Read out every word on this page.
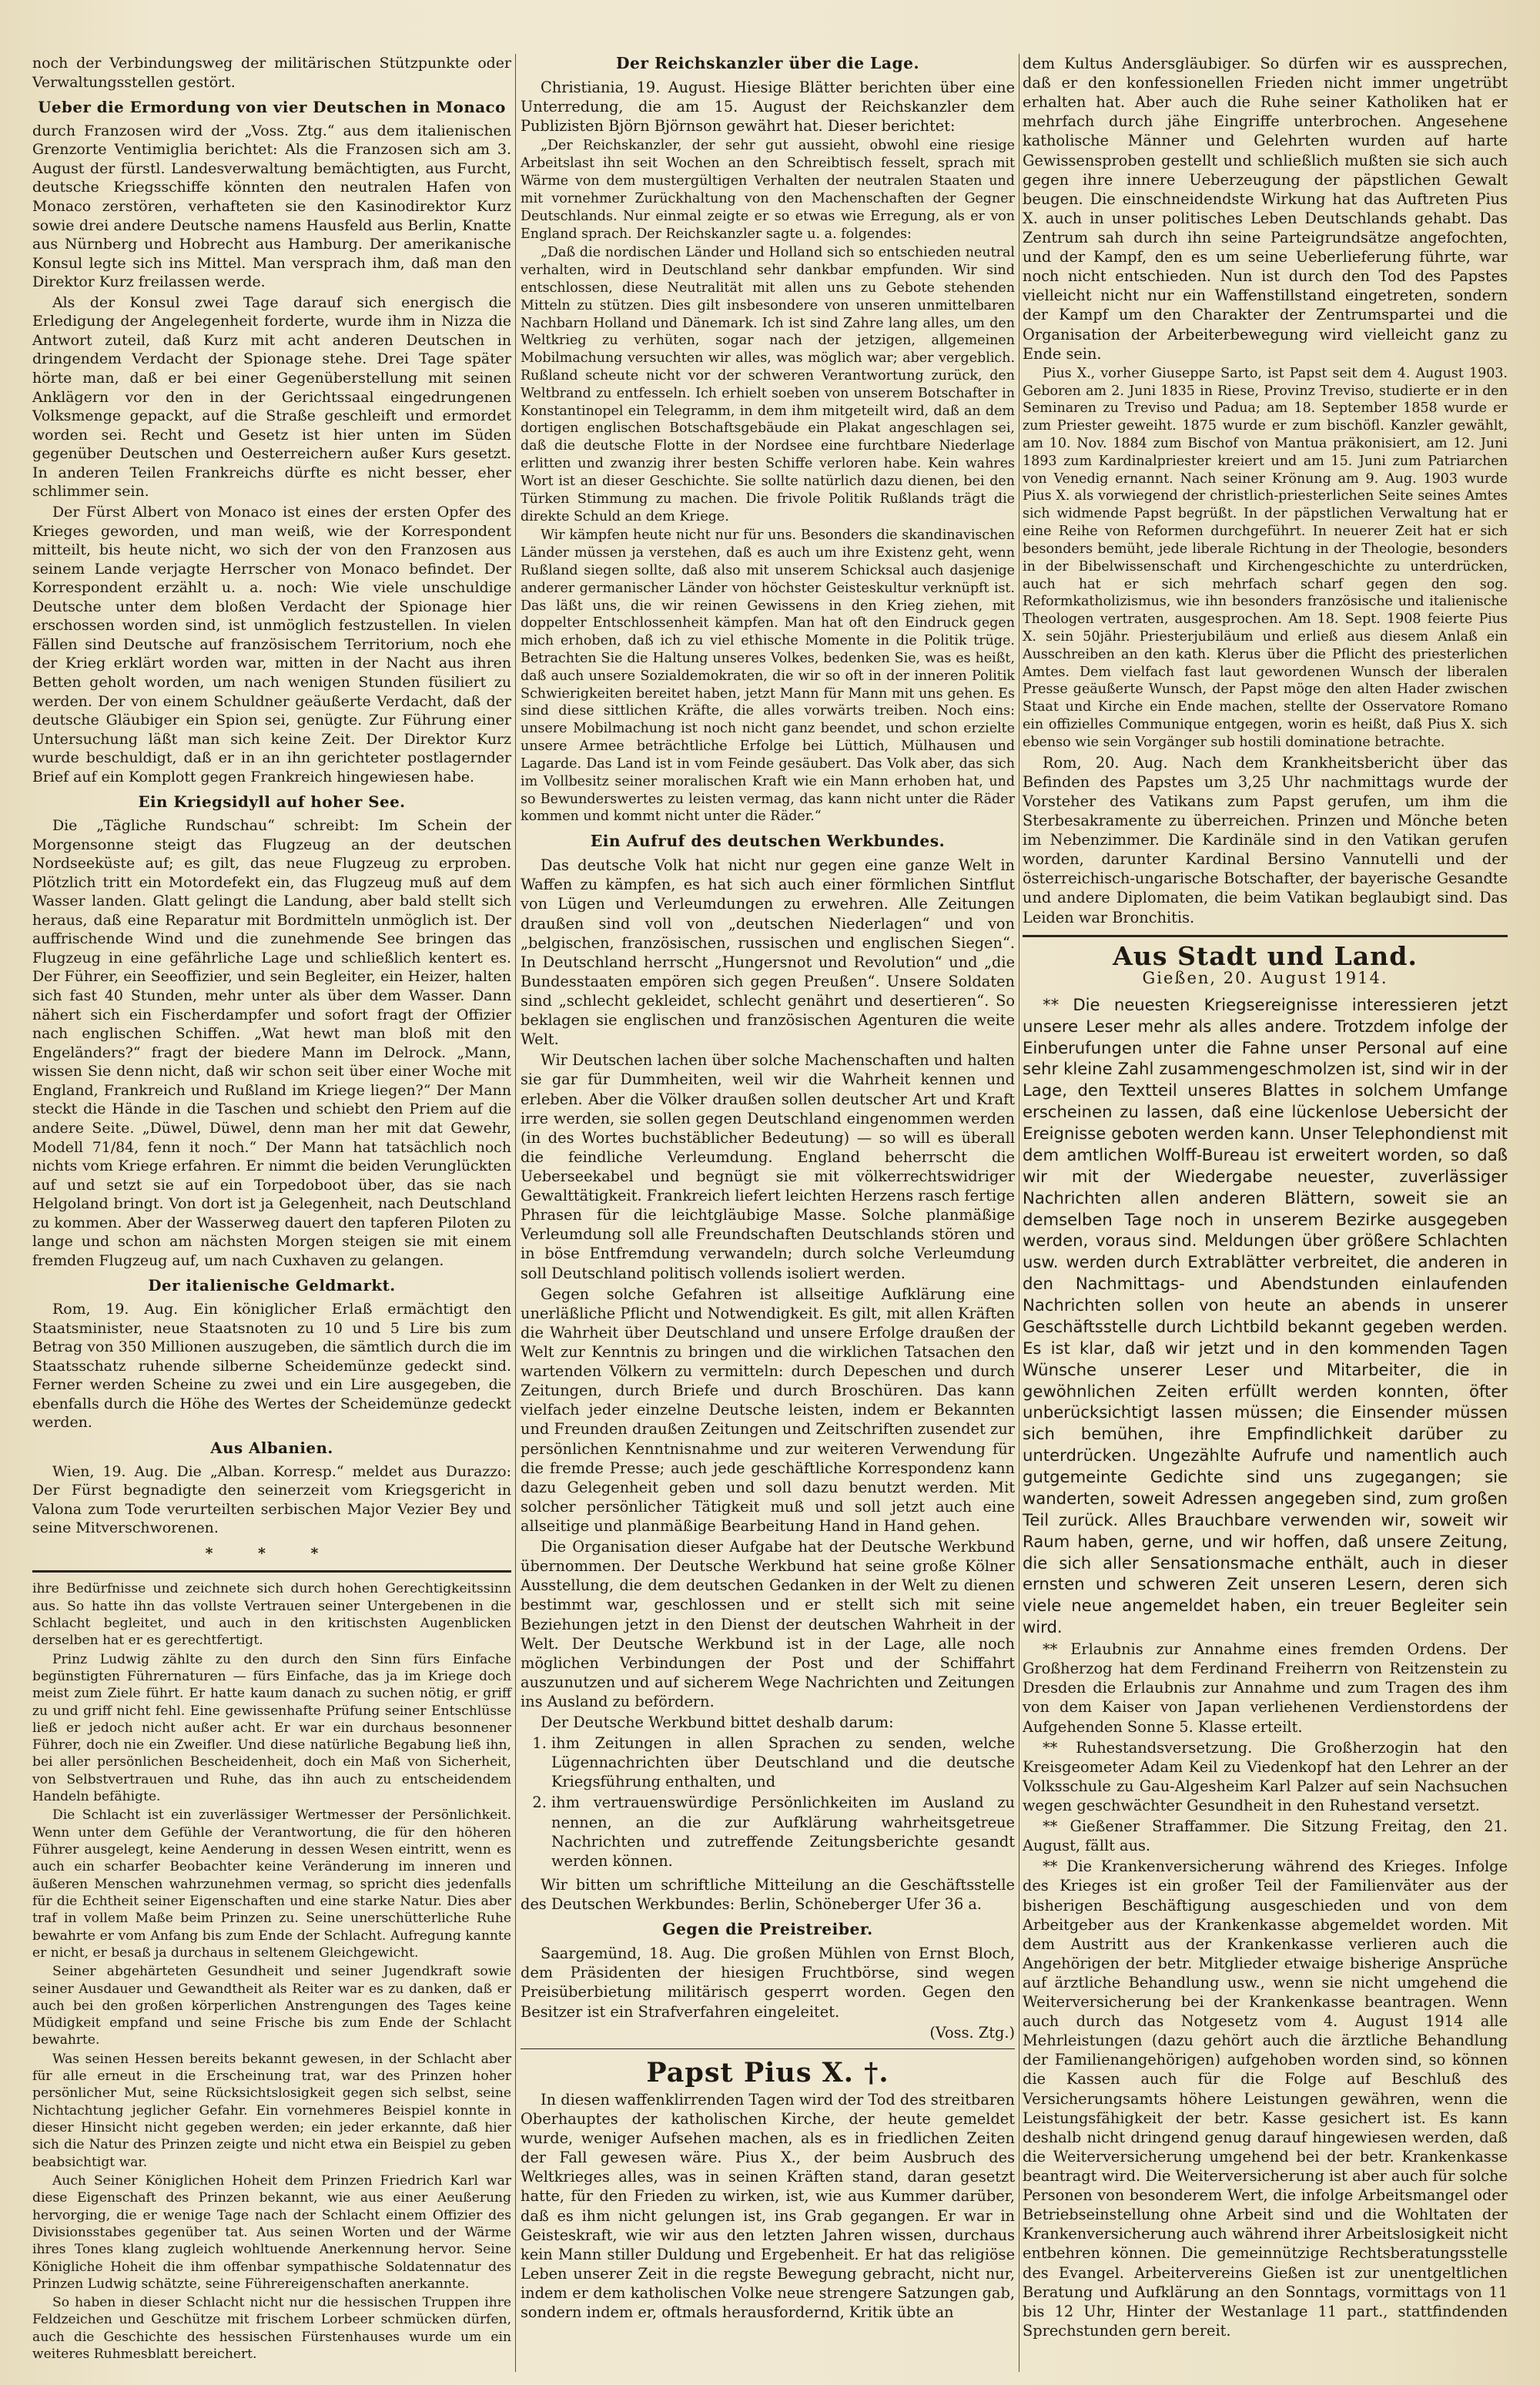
noch der Verbindungsweg der militärischen Stützpunkte oder Verwaltungsstellen gestört.

Ueber die Ermordung von vier Deutschen in Monaco

durch Franzosen wird der „Voss. Ztg.“ aus dem italienischen Grenzorte Ventimiglia berichtet: Als die Franzosen sich am 3. August der fürstl. Landesverwaltung bemächtigten, aus Furcht, deutsche Kriegsschiffe könnten den neutralen Hafen von Monaco zerstören, verhafteten sie den Kasinodirektor Kurz sowie drei andere Deutsche namens Hausfeld aus Berlin, Knatte aus Nürnberg und Hobrecht aus Hamburg. Der amerikanische Konsul legte sich ins Mittel. Man versprach ihm, daß man den Direktor Kurz freilassen werde.

Als der Konsul zwei Tage darauf sich energisch die Erledigung der Angelegenheit forderte, wurde ihm in Nizza die Antwort zuteil, daß Kurz mit acht anderen Deutschen in dringendem Verdacht der Spionage stehe. Drei Tage später hörte man, daß er bei einer Gegenüberstellung mit seinen Anklägern vor den in der Gerichtssaal eingedrungenen Volksmenge gepackt, auf die Straße geschleift und ermordet worden sei. Recht und Gesetz ist hier unten im Süden gegenüber Deutschen und Oesterreichern außer Kurs gesetzt. In anderen Teilen Frankreichs dürfte es nicht besser, eher schlimmer sein.

Der Fürst Albert von Monaco ist eines der ersten Opfer des Krieges geworden, und man weiß, wie der Korrespondent mitteilt, bis heute nicht, wo sich der von den Franzosen aus seinem Lande verjagte Herrscher von Monaco befindet. Der Korrespondent erzählt u. a. noch: Wie viele unschuldige Deutsche unter dem bloßen Verdacht der Spionage hier erschossen worden sind, ist unmöglich festzustellen. In vielen Fällen sind Deutsche auf französischem Territorium, noch ehe der Krieg erklärt worden war, mitten in der Nacht aus ihren Betten geholt worden, um nach wenigen Stunden füsiliert zu werden. Der von einem Schuldner geäußerte Verdacht, daß der deutsche Gläubiger ein Spion sei, genügte. Zur Führung einer Untersuchung läßt man sich keine Zeit. Der Direktor Kurz wurde beschuldigt, daß er in an ihn gerichteter postlagernder Brief auf ein Komplott gegen Frankreich hingewiesen habe.

Ein Kriegsidyll auf hoher See.

Die „Tägliche Rundschau“ schreibt: Im Schein der Morgensonne steigt das Flugzeug an der deutschen Nordseeküste auf; es gilt, das neue Flugzeug zu erproben. Plötzlich tritt ein Motordefekt ein, das Flugzeug muß auf dem Wasser landen. Glatt gelingt die Landung, aber bald stellt sich heraus, daß eine Reparatur mit Bordmitteln unmöglich ist. Der auffrischende Wind und die zunehmende See bringen das Flugzeug in eine gefährliche Lage und schließlich kentert es. Der Führer, ein Seeoffizier, und sein Begleiter, ein Heizer, halten sich fast 40 Stunden, mehr unter als über dem Wasser. Dann nähert sich ein Fischerdampfer und sofort fragt der Offizier nach englischen Schiffen. „Wat hewt man bloß mit den Engeländers?“ fragt der biedere Mann im Delrock. „Mann, wissen Sie denn nicht, daß wir schon seit über einer Woche mit England, Frankreich und Rußland im Kriege liegen?“ Der Mann steckt die Hände in die Taschen und schiebt den Priem auf die andere Seite. „Düwel, Düwel, denn man her mit dat Gewehr, Modell 71/84, fenn it noch.“ Der Mann hat tatsächlich noch nichts vom Kriege erfahren. Er nimmt die beiden Verunglückten auf und setzt sie auf ein Torpedoboot über, das sie nach Helgoland bringt. Von dort ist ja Gelegenheit, nach Deutschland zu kommen. Aber der Wasserweg dauert den tapferen Piloten zu lange und schon am nächsten Morgen steigen sie mit einem fremden Flugzeug auf, um nach Cuxhaven zu gelangen.

Der italienische Geldmarkt.

Rom, 19. Aug. Ein königlicher Erlaß ermächtigt den Staatsminister, neue Staatsnoten zu 10 und 5 Lire bis zum Betrag von 350 Millionen auszugeben, die sämtlich durch die im Staatsschatz ruhende silberne Scheidemünze gedeckt sind. Ferner werden Scheine zu zwei und ein Lire ausgegeben, die ebenfalls durch die Höhe des Wertes der Scheidemünze gedeckt werden.

Aus Albanien.

Wien, 19. Aug. Die „Alban. Korresp.“ meldet aus Durazzo: Der Fürst begnadigte den seinerzeit vom Kriegsgericht in Valona zum Tode verurteilten serbischen Major Vezier Bey und seine Mitverschworenen.

* * *

ihre Bedürfnisse und zeichnete sich durch hohen Gerechtigkeitssinn aus. So hatte ihn das vollste Vertrauen seiner Untergebenen in die Schlacht begleitet, und auch in den kritischsten Augenblicken derselben hat er es gerechtfertigt.

Prinz Ludwig zählte zu den durch den Sinn fürs Einfache begünstigten Führernaturen — fürs Einfache, das ja im Kriege doch meist zum Ziele führt. Er hatte kaum danach zu suchen nötig, er griff zu und griff nicht fehl. Eine gewissenhafte Prüfung seiner Entschlüsse ließ er jedoch nicht außer acht. Er war ein durchaus besonnener Führer, doch nie ein Zweifler. Und diese natürliche Begabung ließ ihn, bei aller persönlichen Bescheidenheit, doch ein Maß von Sicherheit, von Selbstvertrauen und Ruhe, das ihn auch zu entscheidendem Handeln befähigte.

Die Schlacht ist ein zuverlässiger Wertmesser der Persönlichkeit. Wenn unter dem Gefühle der Verantwortung, die für den höheren Führer ausgelegt, keine Aenderung in dessen Wesen eintritt, wenn es auch ein scharfer Beobachter keine Veränderung im inneren und äußeren Menschen wahrzunehmen vermag, so spricht dies jedenfalls für die Echtheit seiner Eigenschaften und eine starke Natur. Dies aber traf in vollem Maße beim Prinzen zu. Seine unerschütterliche Ruhe bewahrte er vom Anfang bis zum Ende der Schlacht. Aufregung kannte er nicht, er besaß ja durchaus in seltenem Gleichgewicht.

Seiner abgehärteten Gesundheit und seiner Jugendkraft sowie seiner Ausdauer und Gewandtheit als Reiter war es zu danken, daß er auch bei den großen körperlichen Anstrengungen des Tages keine Müdigkeit empfand und seine Frische bis zum Ende der Schlacht bewahrte.

Was seinen Hessen bereits bekannt gewesen, in der Schlacht aber für alle erneut in die Erscheinung trat, war des Prinzen hoher persönlicher Mut, seine Rücksichtslosigkeit gegen sich selbst, seine Nichtachtung jeglicher Gefahr. Ein vornehmeres Beispiel konnte in dieser Hinsicht nicht gegeben werden; ein jeder erkannte, daß hier sich die Natur des Prinzen zeigte und nicht etwa ein Beispiel zu geben beabsichtigt war.

Auch Seiner Königlichen Hoheit dem Prinzen Friedrich Karl war diese Eigenschaft des Prinzen bekannt, wie aus einer Aeußerung hervorging, die er wenige Tage nach der Schlacht einem Offizier des Divisionsstabes gegenüber tat. Aus seinen Worten und der Wärme ihres Tones klang zugleich wohltuende Anerkennung hervor. Seine Königliche Hoheit die ihm offenbar sympathische Soldatennatur des Prinzen Ludwig schätzte, seine Führereigenschaften anerkannte.

So haben in dieser Schlacht nicht nur die hessischen Truppen ihre Feldzeichen und Geschütze mit frischem Lorbeer schmücken dürfen, auch die Geschichte des hessischen Fürstenhauses wurde um ein weiteres Ruhmesblatt bereichert.

Der Reichskanzler über die Lage.

Christiania, 19. August. Hiesige Blätter berichten über eine Unterredung, die am 15. August der Reichskanzler dem Publizisten Björn Björnson gewährt hat. Dieser berichtet:

„Der Reichskanzler, der sehr gut aussieht, obwohl eine riesige Arbeitslast ihn seit Wochen an den Schreibtisch fesselt, sprach mit Wärme von dem mustergültigen Verhalten der neutralen Staaten und mit vornehmer Zurückhaltung von den Machenschaften der Gegner Deutschlands. Nur einmal zeigte er so etwas wie Erregung, als er von England sprach. Der Reichskanzler sagte u. a. folgendes:

„Daß die nordischen Länder und Holland sich so entschieden neutral verhalten, wird in Deutschland sehr dankbar empfunden. Wir sind entschlossen, diese Neutralität mit allen uns zu Gebote stehenden Mitteln zu stützen. Dies gilt insbesondere von unseren unmittelbaren Nachbarn Holland und Dänemark. Ich ist sind Zahre lang alles, um den Weltkrieg zu verhüten, sogar nach der jetzigen, allgemeinen Mobilmachung versuchten wir alles, was möglich war; aber vergeblich. Rußland scheute nicht vor der schweren Verantwortung zurück, den Weltbrand zu entfesseln. Ich erhielt soeben von unserem Botschafter in Konstantinopel ein Telegramm, in dem ihm mitgeteilt wird, daß an dem dortigen englischen Botschaftsgebäude ein Plakat angeschlagen sei, daß die deutsche Flotte in der Nordsee eine furchtbare Niederlage erlitten und zwanzig ihrer besten Schiffe verloren habe. Kein wahres Wort ist an dieser Geschichte. Sie sollte natürlich dazu dienen, bei den Türken Stimmung zu machen. Die frivole Politik Rußlands trägt die direkte Schuld an dem Kriege.

Wir kämpfen heute nicht nur für uns. Besonders die skandinavischen Länder müssen ja verstehen, daß es auch um ihre Existenz geht, wenn Rußland siegen sollte, daß also mit unserem Schicksal auch dasjenige anderer germanischer Länder von höchster Geisteskultur verknüpft ist. Das läßt uns, die wir reinen Gewissens in den Krieg ziehen, mit doppelter Entschlossenheit kämpfen. Man hat oft den Eindruck gegen mich erhoben, daß ich zu viel ethische Momente in die Politik trüge. Betrachten Sie die Haltung unseres Volkes, bedenken Sie, was es heißt, daß auch unsere Sozialdemokraten, die wir so oft in der inneren Politik Schwierigkeiten bereitet haben, jetzt Mann für Mann mit uns gehen. Es sind diese sittlichen Kräfte, die alles vorwärts treiben. Noch eins: unsere Mobilmachung ist noch nicht ganz beendet, und schon erzielte unsere Armee beträchtliche Erfolge bei Lüttich, Mülhausen und Lagarde. Das Land ist in vom Feinde gesäubert. Das Volk aber, das sich im Vollbesitz seiner moralischen Kraft wie ein Mann erhoben hat, und so Bewunderswertes zu leisten vermag, das kann nicht unter die Räder kommen und kommt nicht unter die Räder.“

Ein Aufruf des deutschen Werkbundes.

Das deutsche Volk hat nicht nur gegen eine ganze Welt in Waffen zu kämpfen, es hat sich auch einer förmlichen Sintflut von Lügen und Verleumdungen zu erwehren. Alle Zeitungen draußen sind voll von „deutschen Niederlagen“ und von „belgischen, französischen, russischen und englischen Siegen“. In Deutschland herrscht „Hungersnot und Revolution“ und „die Bundesstaaten empören sich gegen Preußen“. Unsere Soldaten sind „schlecht gekleidet, schlecht genährt und desertieren“. So beklagen sie englischen und französischen Agenturen die weite Welt.

Wir Deutschen lachen über solche Machenschaften und halten sie gar für Dummheiten, weil wir die Wahrheit kennen und erleben. Aber die Völker draußen sollen deutscher Art und Kraft irre werden, sie sollen gegen Deutschland eingenommen werden (in des Wortes buchstäblicher Bedeutung) — so will es überall die feindliche Verleumdung. England beherrscht die Ueberseekabel und begnügt sie mit völkerrechtswidriger Gewalttätigkeit. Frankreich liefert leichten Herzens rasch fertige Phrasen für die leichtgläubige Masse. Solche planmäßige Verleumdung soll alle Freundschaften Deutschlands stören und in böse Entfremdung verwandeln; durch solche Verleumdung soll Deutschland politisch vollends isoliert werden.

Gegen solche Gefahren ist allseitige Aufklärung eine unerläßliche Pflicht und Notwendigkeit. Es gilt, mit allen Kräften die Wahrheit über Deutschland und unsere Erfolge draußen der Welt zur Kenntnis zu bringen und die wirklichen Tatsachen den wartenden Völkern zu vermitteln: durch Depeschen und durch Zeitungen, durch Briefe und durch Broschüren. Das kann vielfach jeder einzelne Deutsche leisten, indem er Bekannten und Freunden draußen Zeitungen und Zeitschriften zusendet zur persönlichen Kenntnisnahme und zur weiteren Verwendung für die fremde Presse; auch jede geschäftliche Korrespondenz kann dazu Gelegenheit geben und soll dazu benutzt werden. Mit solcher persönlicher Tätigkeit muß und soll jetzt auch eine allseitige und planmäßige Bearbeitung Hand in Hand gehen.

Die Organisation dieser Aufgabe hat der Deutsche Werkbund übernommen. Der Deutsche Werkbund hat seine große Kölner Ausstellung, die dem deutschen Gedanken in der Welt zu dienen bestimmt war, geschlossen und er stellt sich mit seine Beziehungen jetzt in den Dienst der deutschen Wahrheit in der Welt. Der Deutsche Werkbund ist in der Lage, alle noch möglichen Verbindungen der Post und der Schiffahrt auszunutzen und auf sicherem Wege Nachrichten und Zeitungen ins Ausland zu befördern.

Der Deutsche Werkbund bittet deshalb darum:

1. ihm Zeitungen in allen Sprachen zu senden, welche Lügennachrichten über Deutschland und die deutsche Kriegsführung enthalten, und
2. ihm vertrauenswürdige Persönlichkeiten im Ausland zu nennen, an die zur Aufklärung wahrheitsgetreue Nachrichten und zutreffende Zeitungsberichte gesandt werden können.

Wir bitten um schriftliche Mitteilung an die Geschäftsstelle des Deutschen Werkbundes: Berlin, Schöneberger Ufer 36 a.

Gegen die Preistreiber.

Saargemünd, 18. Aug. Die großen Mühlen von Ernst Bloch, dem Präsidenten der hiesigen Fruchtbörse, sind wegen Preisüberbietung militärisch gesperrt worden. Gegen den Besitzer ist ein Strafverfahren eingeleitet.

(Voss. Ztg.)
Papst Pius X. †.

In diesen waffenklirrenden Tagen wird der Tod des streitbaren Oberhauptes der katholischen Kirche, der heute gemeldet wurde, weniger Aufsehen machen, als es in friedlichen Zeiten der Fall gewesen wäre. Pius X., der beim Ausbruch des Weltkrieges alles, was in seinen Kräften stand, daran gesetzt hatte, für den Frieden zu wirken, ist, wie aus Kummer darüber, daß es ihm nicht gelungen ist, ins Grab gegangen. Er war in Geisteskraft, wie wir aus den letzten Jahren wissen, durchaus kein Mann stiller Duldung und Ergebenheit. Er hat das religiöse Leben unserer Zeit in die regste Bewegung gebracht, nicht nur, indem er dem katholischen Volke neue strengere Satzungen gab, sondern indem er, oftmals herausfordernd, Kritik übte an

dem Kultus Andersgläubiger. So dürfen wir es aussprechen, daß er den konfessionellen Frieden nicht immer ungetrübt erhalten hat. Aber auch die Ruhe seiner Katholiken hat er mehrfach durch jähe Eingriffe unterbrochen. Angesehene katholische Männer und Gelehrten wurden auf harte Gewissensproben gestellt und schließlich mußten sie sich auch gegen ihre innere Ueberzeugung der päpstlichen Gewalt beugen. Die einschneidendste Wirkung hat das Auftreten Pius X. auch in unser politisches Leben Deutschlands gehabt. Das Zentrum sah durch ihn seine Parteigrundsätze angefochten, und der Kampf, den es um seine Ueberlieferung führte, war noch nicht entschieden. Nun ist durch den Tod des Papstes vielleicht nicht nur ein Waffenstillstand eingetreten, sondern der Kampf um den Charakter der Zentrumspartei und die Organisation der Arbeiterbewegung wird vielleicht ganz zu Ende sein.

Pius X., vorher Giuseppe Sarto, ist Papst seit dem 4. August 1903. Geboren am 2. Juni 1835 in Riese, Provinz Treviso, studierte er in den Seminaren zu Treviso und Padua; am 18. September 1858 wurde er zum Priester geweiht. 1875 wurde er zum bischöfl. Kanzler gewählt, am 10. Nov. 1884 zum Bischof von Mantua präkonisiert, am 12. Juni 1893 zum Kardinalpriester kreiert und am 15. Juni zum Patriarchen von Venedig ernannt. Nach seiner Krönung am 9. Aug. 1903 wurde Pius X. als vorwiegend der christlich-priesterlichen Seite seines Amtes sich widmende Papst begrüßt. In der päpstlichen Verwaltung hat er eine Reihe von Reformen durchgeführt. In neuerer Zeit hat er sich besonders bemüht, jede liberale Richtung in der Theologie, besonders in der Bibelwissenschaft und Kirchengeschichte zu unterdrücken, auch hat er sich mehrfach scharf gegen den sog. Reformkatholizismus, wie ihn besonders französische und italienische Theologen vertraten, ausgesprochen. Am 18. Sept. 1908 feierte Pius X. sein 50jähr. Priesterjubiläum und erließ aus diesem Anlaß ein Ausschreiben an den kath. Klerus über die Pflicht des priesterlichen Amtes. Dem vielfach fast laut gewordenen Wunsch der liberalen Presse geäußerte Wunsch, der Papst möge den alten Hader zwischen Staat und Kirche ein Ende machen, stellte der Osservatore Romano ein offizielles Communique entgegen, worin es heißt, daß Pius X. sich ebenso wie sein Vorgänger sub hostili dominatione betrachte.

Rom, 20. Aug. Nach dem Krankheitsbericht über das Befinden des Papstes um 3,25 Uhr nachmittags wurde der Vorsteher des Vatikans zum Papst gerufen, um ihm die Sterbesakramente zu überreichen. Prinzen und Mönche beten im Nebenzimmer. Die Kardinäle sind in den Vatikan gerufen worden, darunter Kardinal Bersino Vannutelli und der österreichisch-ungarische Botschafter, der bayerische Gesandte und andere Diplomaten, die beim Vatikan beglaubigt sind. Das Leiden war Bronchitis.

Aus Stadt und Land.
Gießen, 20. August 1914.

** Die neuesten Kriegsereignisse interessieren jetzt unsere Leser mehr als alles andere. Trotzdem infolge der Einberufungen unter die Fahne unser Personal auf eine sehr kleine Zahl zusammengeschmolzen ist, sind wir in der Lage, den Textteil unseres Blattes in solchem Umfange erscheinen zu lassen, daß eine lückenlose Uebersicht der Ereignisse geboten werden kann. Unser Telephondienst mit dem amtlichen Wolff-Bureau ist erweitert worden, so daß wir mit der Wiedergabe neuester, zuverlässiger Nachrichten allen anderen Blättern, soweit sie an demselben Tage noch in unserem Bezirke ausgegeben werden, voraus sind. Meldungen über größere Schlachten usw. werden durch Extrablätter verbreitet, die anderen in den Nachmittags- und Abendstunden einlaufenden Nachrichten sollen von heute an abends in unserer Geschäftsstelle durch Lichtbild bekannt gegeben werden. Es ist klar, daß wir jetzt und in den kommenden Tagen Wünsche unserer Leser und Mitarbeiter, die in gewöhnlichen Zeiten erfüllt werden konnten, öfter unberücksichtigt lassen müssen; die Einsender müssen sich bemühen, ihre Empfindlichkeit darüber zu unterdrücken. Ungezählte Aufrufe und namentlich auch gutgemeinte Gedichte sind uns zugegangen; sie wanderten, soweit Adressen angegeben sind, zum großen Teil zurück. Alles Brauchbare verwenden wir, soweit wir Raum haben, gerne, und wir hoffen, daß unsere Zeitung, die sich aller Sensationsmache enthält, auch in dieser ernsten und schweren Zeit unseren Lesern, deren sich viele neue angemeldet haben, ein treuer Begleiter sein wird.

** Erlaubnis zur Annahme eines fremden Ordens. Der Großherzog hat dem Ferdinand Freiherrn von Reitzenstein zu Dresden die Erlaubnis zur Annahme und zum Tragen des ihm von dem Kaiser von Japan verliehenen Verdienstordens der Aufgehenden Sonne 5. Klasse erteilt.

** Ruhestandsversetzung. Die Großherzogin hat den Kreisgeometer Adam Keil zu Viedenkopf hat den Lehrer an der Volksschule zu Gau-Algesheim Karl Palzer auf sein Nachsuchen wegen geschwächter Gesundheit in den Ruhestand versetzt.

** Gießener Straffammer. Die Sitzung Freitag, den 21. August, fällt aus.

** Die Krankenversicherung während des Krieges. Infolge des Krieges ist ein großer Teil der Familienväter aus der bisherigen Beschäftigung ausgeschieden und von dem Arbeitgeber aus der Krankenkasse abgemeldet worden. Mit dem Austritt aus der Krankenkasse verlieren auch die Angehörigen der betr. Mitglieder etwaige bisherige Ansprüche auf ärztliche Behandlung usw., wenn sie nicht umgehend die Weiterversicherung bei der Krankenkasse beantragen. Wenn auch durch das Notgesetz vom 4. August 1914 alle Mehrleistungen (dazu gehört auch die ärztliche Behandlung der Familienangehörigen) aufgehoben worden sind, so können die Kassen auch für die Folge auf Beschluß des Versicherungsamts höhere Leistungen gewähren, wenn die Leistungsfähigkeit der betr. Kasse gesichert ist. Es kann deshalb nicht dringend genug darauf hingewiesen werden, daß die Weiterversicherung umgehend bei der betr. Krankenkasse beantragt wird. Die Weiterversicherung ist aber auch für solche Personen von besonderem Wert, die infolge Arbeitsmangel oder Betriebseinstellung ohne Arbeit sind und die Wohltaten der Krankenversicherung auch während ihrer Arbeitslosigkeit nicht entbehren können. Die gemeinnützige Rechtsberatungsstelle des Evangel. Arbeitervereins Gießen ist zur unentgeltlichen Beratung und Aufklärung an den Sonntags, vormittags von 11 bis 12 Uhr, Hinter der Westanlage 11 part., stattfindenden Sprechstunden gern bereit.
